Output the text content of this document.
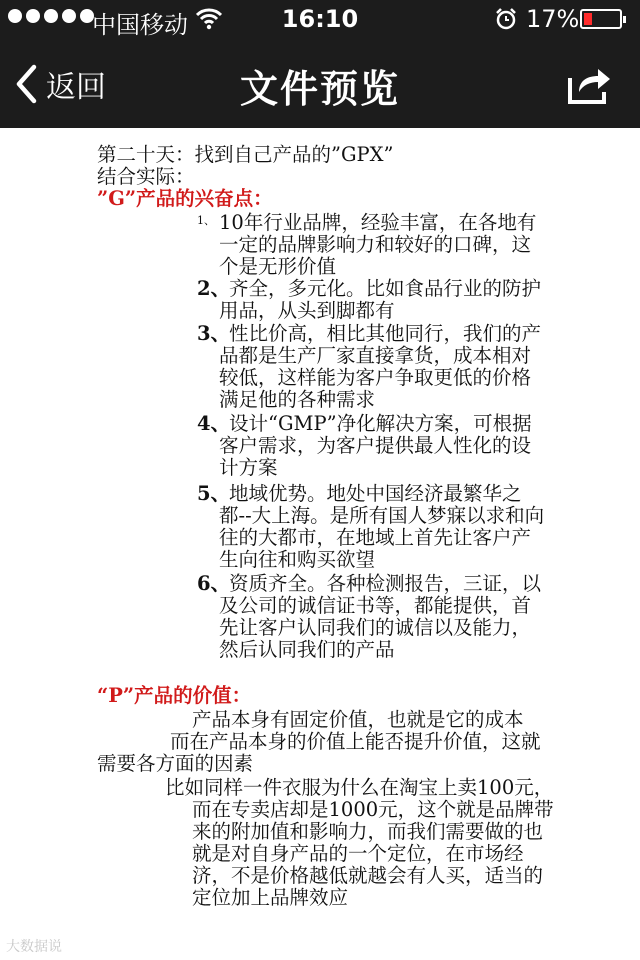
中国移动	16:10	17%
返回	文件预览
第二十天：找到自己产品的”GPX”
结合实际：
”G”产品的兴奋点：
$^{1、}$ 10年行业品牌，经验丰富，在各地有
一定的品牌影响力和较好的口碑，这
个是无形价值
2、
齐全，多元化。比如食品行业的防护
用品，从头到脚都有
3、
性比价高，相比其他同行，我们的产
品都是生产厂家直接拿货，成本相对
较低，这样能为客户争取更低的价格
满足他的各种需求
4、
设计“GMP”净化解决方案，可根据
客户需求，为客户提供最人性化的设
计方案
5、
地域优势。地处中国经济最繁华之
都--大上海。是所有国人梦寐以求和向
往的大都市，在地域上首先让客户产
生向往和购买欲望
6、
资质齐全。各种检测报告，三证，以
及公司的诚信证书等，都能提供，首
先让客户认同我们的诚信以及能力，
然后认同我们的产品
“P”产品的价值：
产品本身有固定价值，也就是它的成本
而在产品本身的价值上能否提升价值，这就
需要各方面的因素
比如同样一件衣服为什么在淘宝上卖100元，
而在专卖店却是1000元，这个就是品牌带
来的附加值和影响力，而我们需要做的也
就是对自身产品的一个定位，在市场经
济，不是价格越低就越会有人买，适当的
定位加上品牌效应
大数据说
